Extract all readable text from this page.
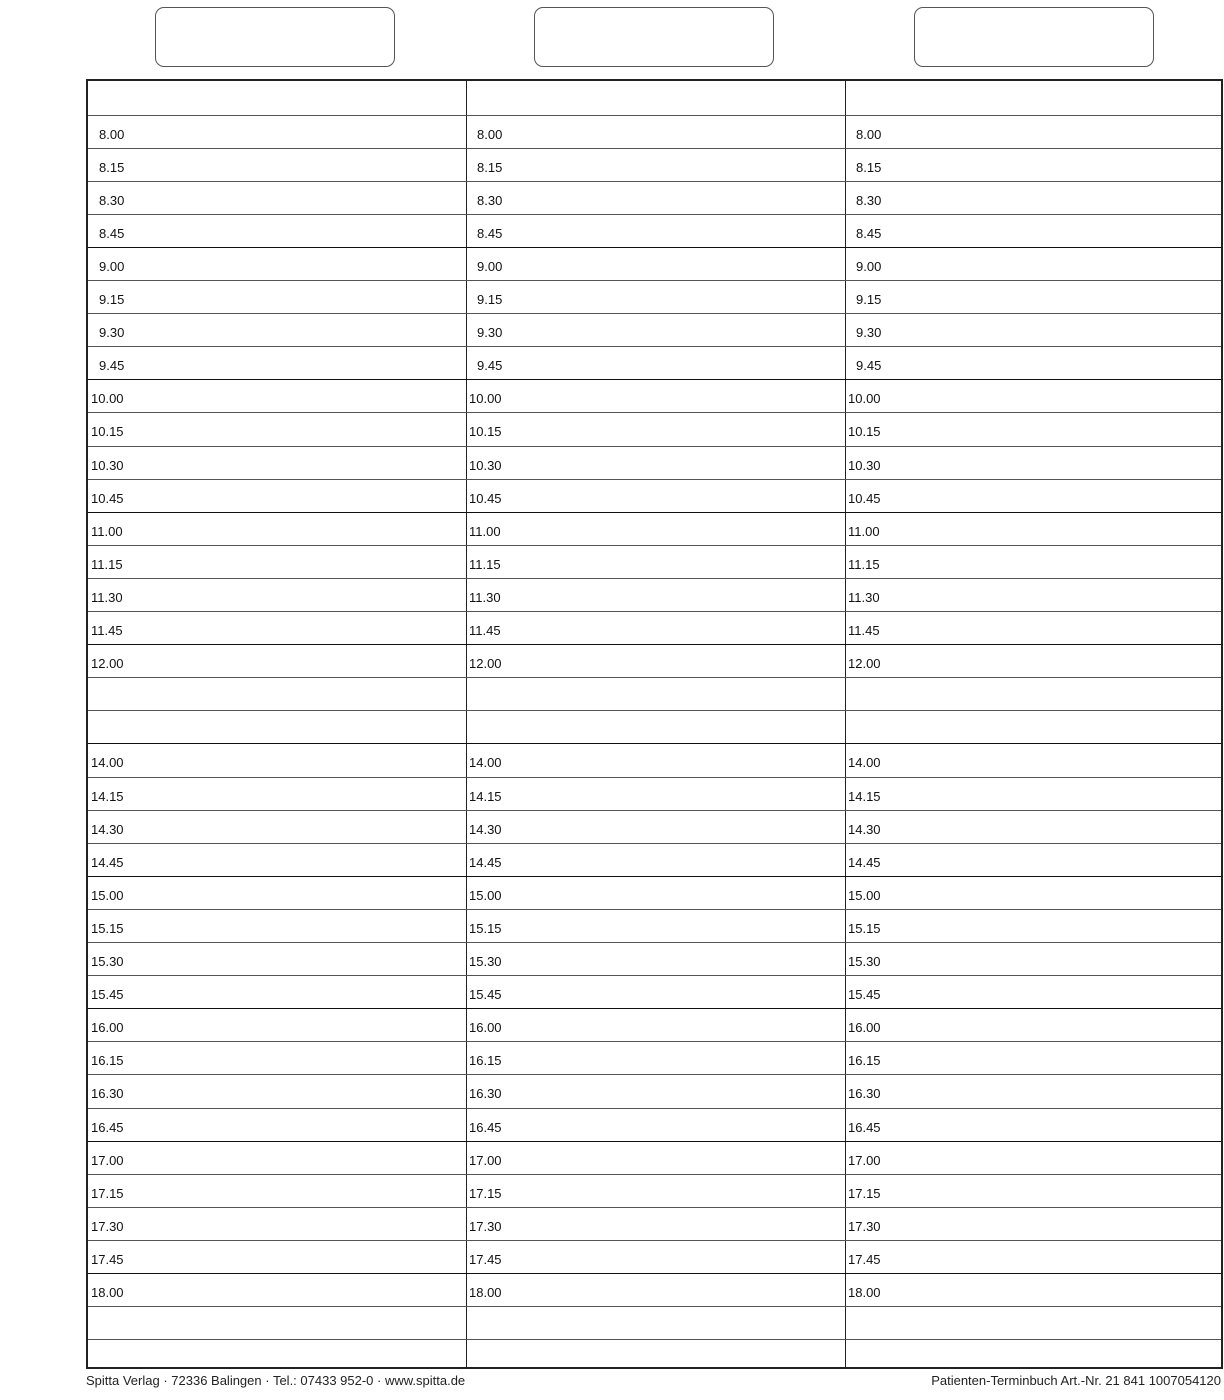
8.00
8.15
8.30
8.45
9.00
9.15
9.30
9.45
10.00
10.15
10.30
10.45
11.00
11.15
11.30
11.45
12.00
14.00
14.15
14.30
14.45
15.00
15.15
15.30
15.45
16.00
16.15
16.30
16.45
17.00
17.15
17.30
17.45
18.00
8.00
8.15
8.30
8.45
9.00
9.15
9.30
9.45
10.00
10.15
10.30
10.45
11.00
11.15
11.30
11.45
12.00
14.00
14.15
14.30
14.45
15.00
15.15
15.30
15.45
16.00
16.15
16.30
16.45
17.00
17.15
17.30
17.45
18.00
8.00
8.15
8.30
8.45
9.00
9.15
9.30
9.45
10.00
10.15
10.30
10.45
11.00
11.15
11.30
11.45
12.00
14.00
14.15
14.30
14.45
15.00
15.15
15.30
15.45
16.00
16.15
16.30
16.45
17.00
17.15
17.30
17.45
18.00
Spitta Verlag · 72336 Balingen · Tel.: 07433 952-0 · www.spitta.de	Patienten-Terminbuch Art.-Nr. 21 841 1007054120
